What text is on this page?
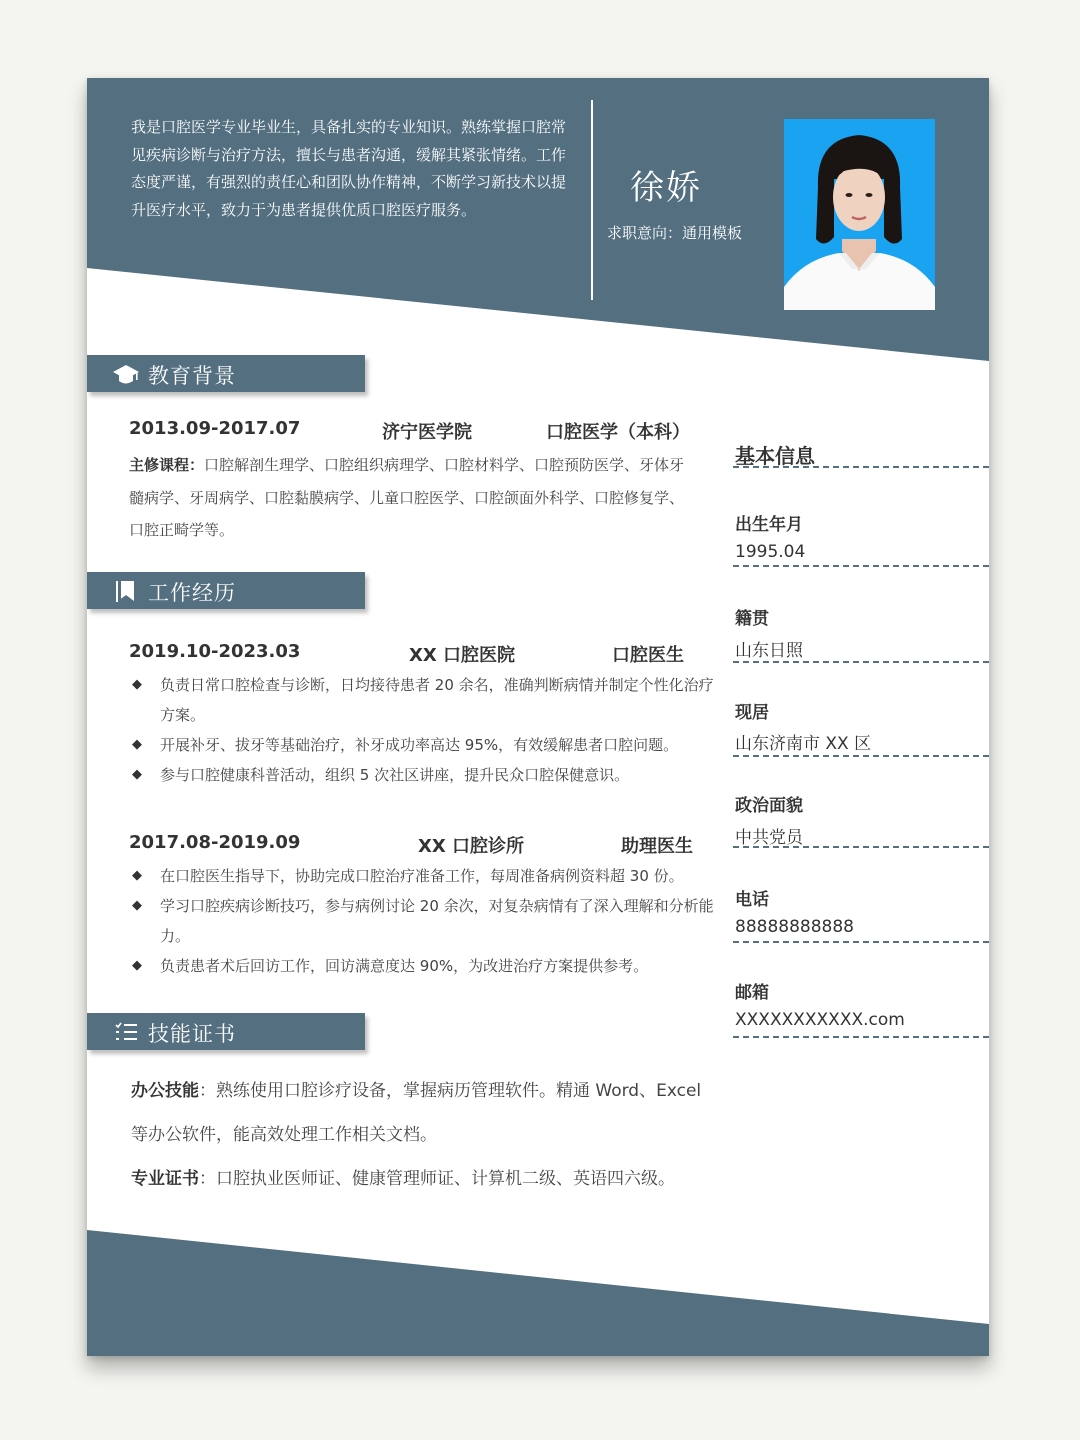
我是口腔医学专业毕业生，具备扎实的专业知识。熟练掌握口腔常见疾病诊断与治疗方法，擅长与患者沟通，缓解其紧张情绪。工作态度严谨，有强烈的责任心和团队协作精神，不断学习新技术以提升医疗水平，致力于为患者提供优质口腔医疗服务。

徐娇
求职意向：通用模板
教育背景
2013.09-2017.07	济宁医学院	口腔医学（本科）
主修课程：口腔解剖生理学、口腔组织病理学、口腔材料学、口腔预防医学、牙体牙髓病学、牙周病学、口腔黏膜病学、儿童口腔医学、口腔颌面外科学、口腔修复学、口腔正畸学等。
工作经历
2019.10-2023.03	XX 口腔医院	口腔医生
◆ 负责日常口腔检查与诊断，日均接待患者 20 余名，准确判断病情并制定个性化治疗方案。
◆ 开展补牙、拔牙等基础治疗，补牙成功率高达 95%，有效缓解患者口腔问题。
◆ 参与口腔健康科普活动，组织 5 次社区讲座，提升民众口腔保健意识。
2017.08-2019.09	XX 口腔诊所	助理医生
◆ 在口腔医生指导下，协助完成口腔治疗准备工作，每周准备病例资料超 30 份。
◆ 学习口腔疾病诊断技巧，参与病例讨论 20 余次，对复杂病情有了深入理解和分析能力。
◆ 负责患者术后回访工作，回访满意度达 90%，为改进治疗方案提供参考。
技能证书
办公技能：熟练使用口腔诊疗设备，掌握病历管理软件。精通 Word、Excel 等办公软件，能高效处理工作相关文档。
专业证书：口腔执业医师证、健康管理师证、计算机二级、英语四六级。
基本信息
出生年月
1995.04
籍贯
山东日照
现居
山东济南市 XX 区
政治面貌
中共党员
电话
88888888888
邮箱
XXXXXXXXXXX.com
